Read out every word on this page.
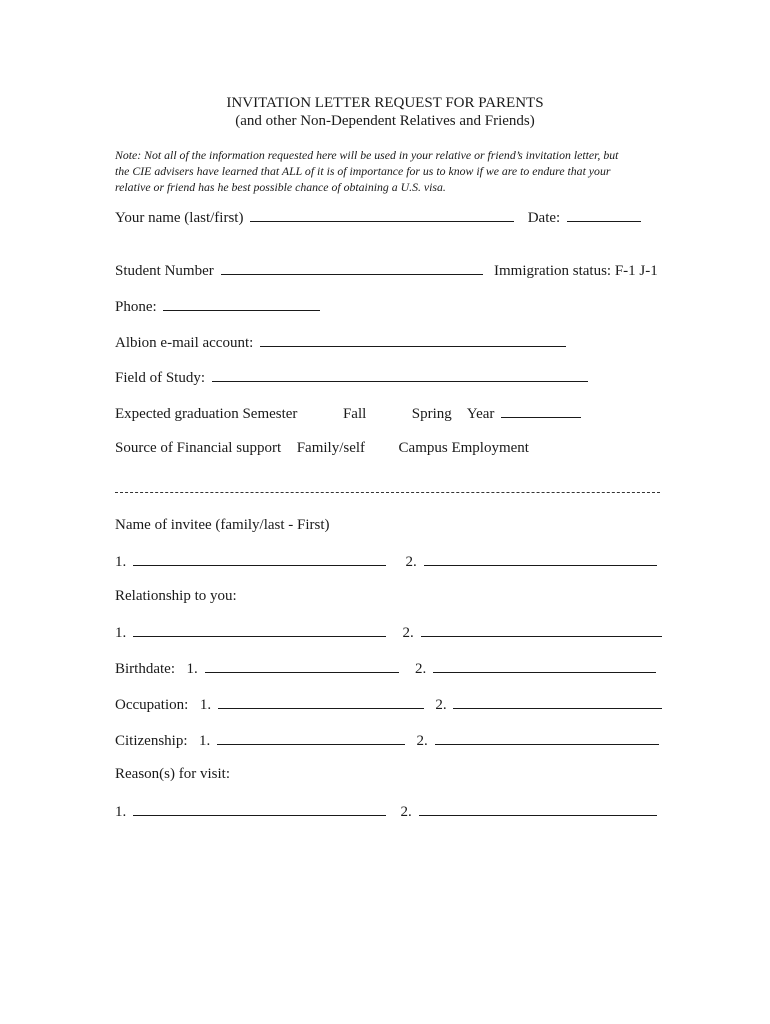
INVITATION LETTER REQUEST FOR PARENTS
(and other Non-Dependent Relatives and Friends)
Note: Not all of the information requested here will be used in your relative or friend’s invitation letter, but
the CIE advisers have learned that ALL of it is of importance for us to know if we are to endure that your
relative or friend has he best possible chance of obtaining a U.S. visa.
Your name (last/first)	Date:
Student Number	Immigration status: F-1 J-1
Phone:
Albion e-mail account:
Field of Study:
Expected graduation Semester	Fall	Spring Year
Source of Financial support Family/self Campus Employment
Name of invitee (family/last - First)
1.	2.
Relationship to you:
1.	2.
Birthdate: 1.	2.
Occupation: 1.	2.
Citizenship: 1.	2.
Reason(s) for visit:
1.	2.
